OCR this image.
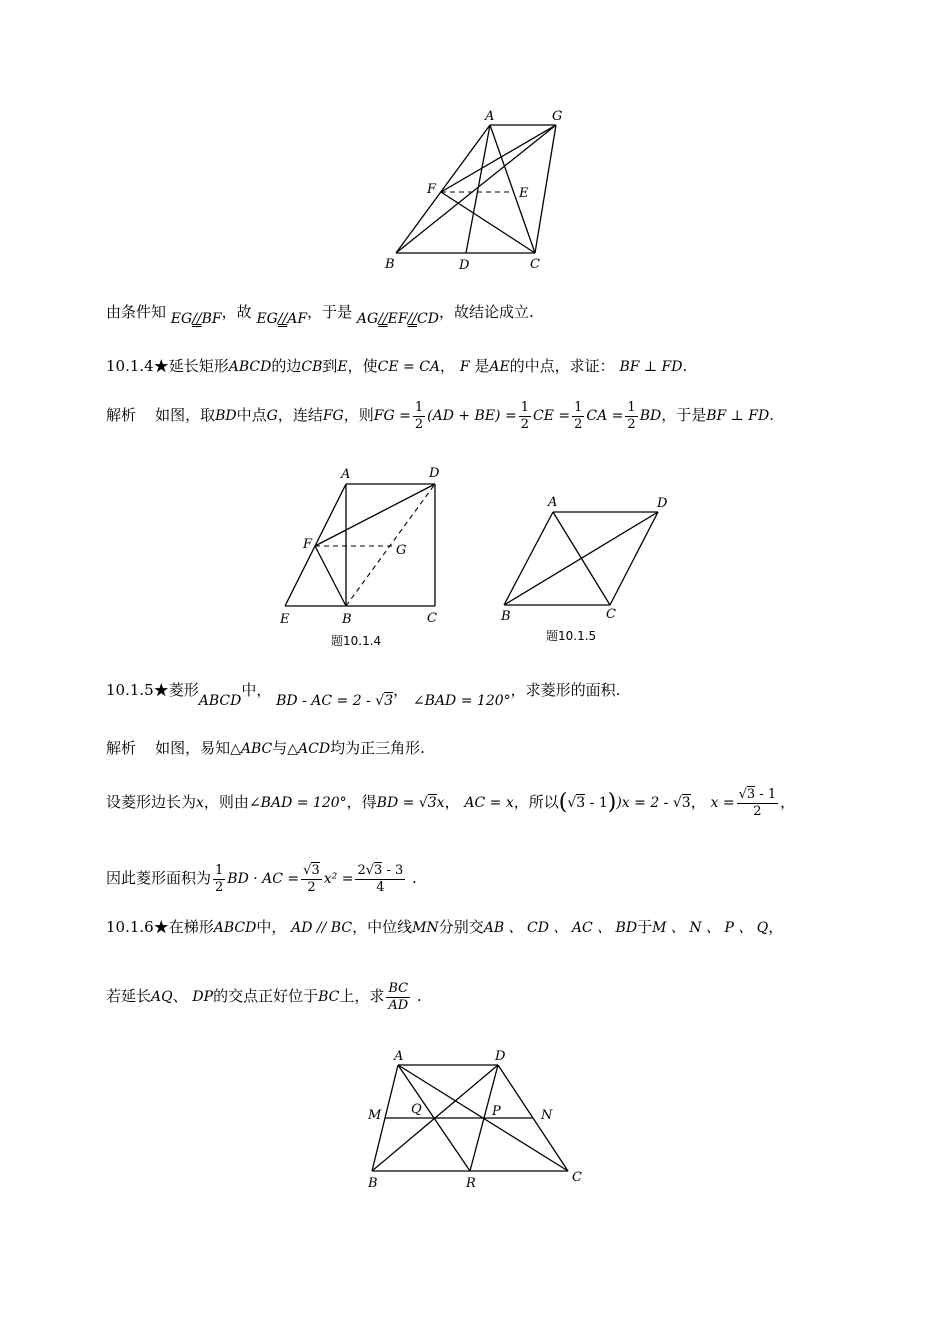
A	G
F	E
B	D	C
由条件知 EG//BF，故 EG//AF，于是 AG//EF//CD，故结论成立.
10.1.4★延长矩形ABCD的边CB到E，使CE = CA， F 是AE的中点，求证： BF ⊥ FD.
解析 如图，取BD中点G，连结FG，则FG = $\frac{1}{2} (AD + BE) = \frac{1}{2}$ CE = $\frac{1}{2}$ CA = $\frac{1}{2}$ BD，于是BF ⊥ FD.
A	D
F	G
E	B	C
题10.1.4
A	D
B	C
题10.1.5
10.1.5★菱形ABCD中， BD - AC = 2 - √3， ∠BAD = 120°，求菱形的面积.
解析 如图，易知△ABC与△ACD均为正三角形.
设菱形边长为x，则由∠BAD = 120°，得BD = √3x， AC = x，所以(√3 - 1))x = 2 - √3， $x = \frac{√3 - 1}{2}$ ，
因此菱形面积为 $\frac{1}{2}$ BD · AC = $\frac{√3}{2} x^2 = \frac{2√3 - 3}{4}$ .
10.1.6★在梯形ABCD中， AD // BC，中位线MN分别交AB 、 CD 、 AC 、 BD于M 、 N 、 P 、 Q，
若延长AQ、 DP的交点正好位于BC上，求 $\frac{BC}{AD}$ .
A	D
M Q	P	N
B	R	C
